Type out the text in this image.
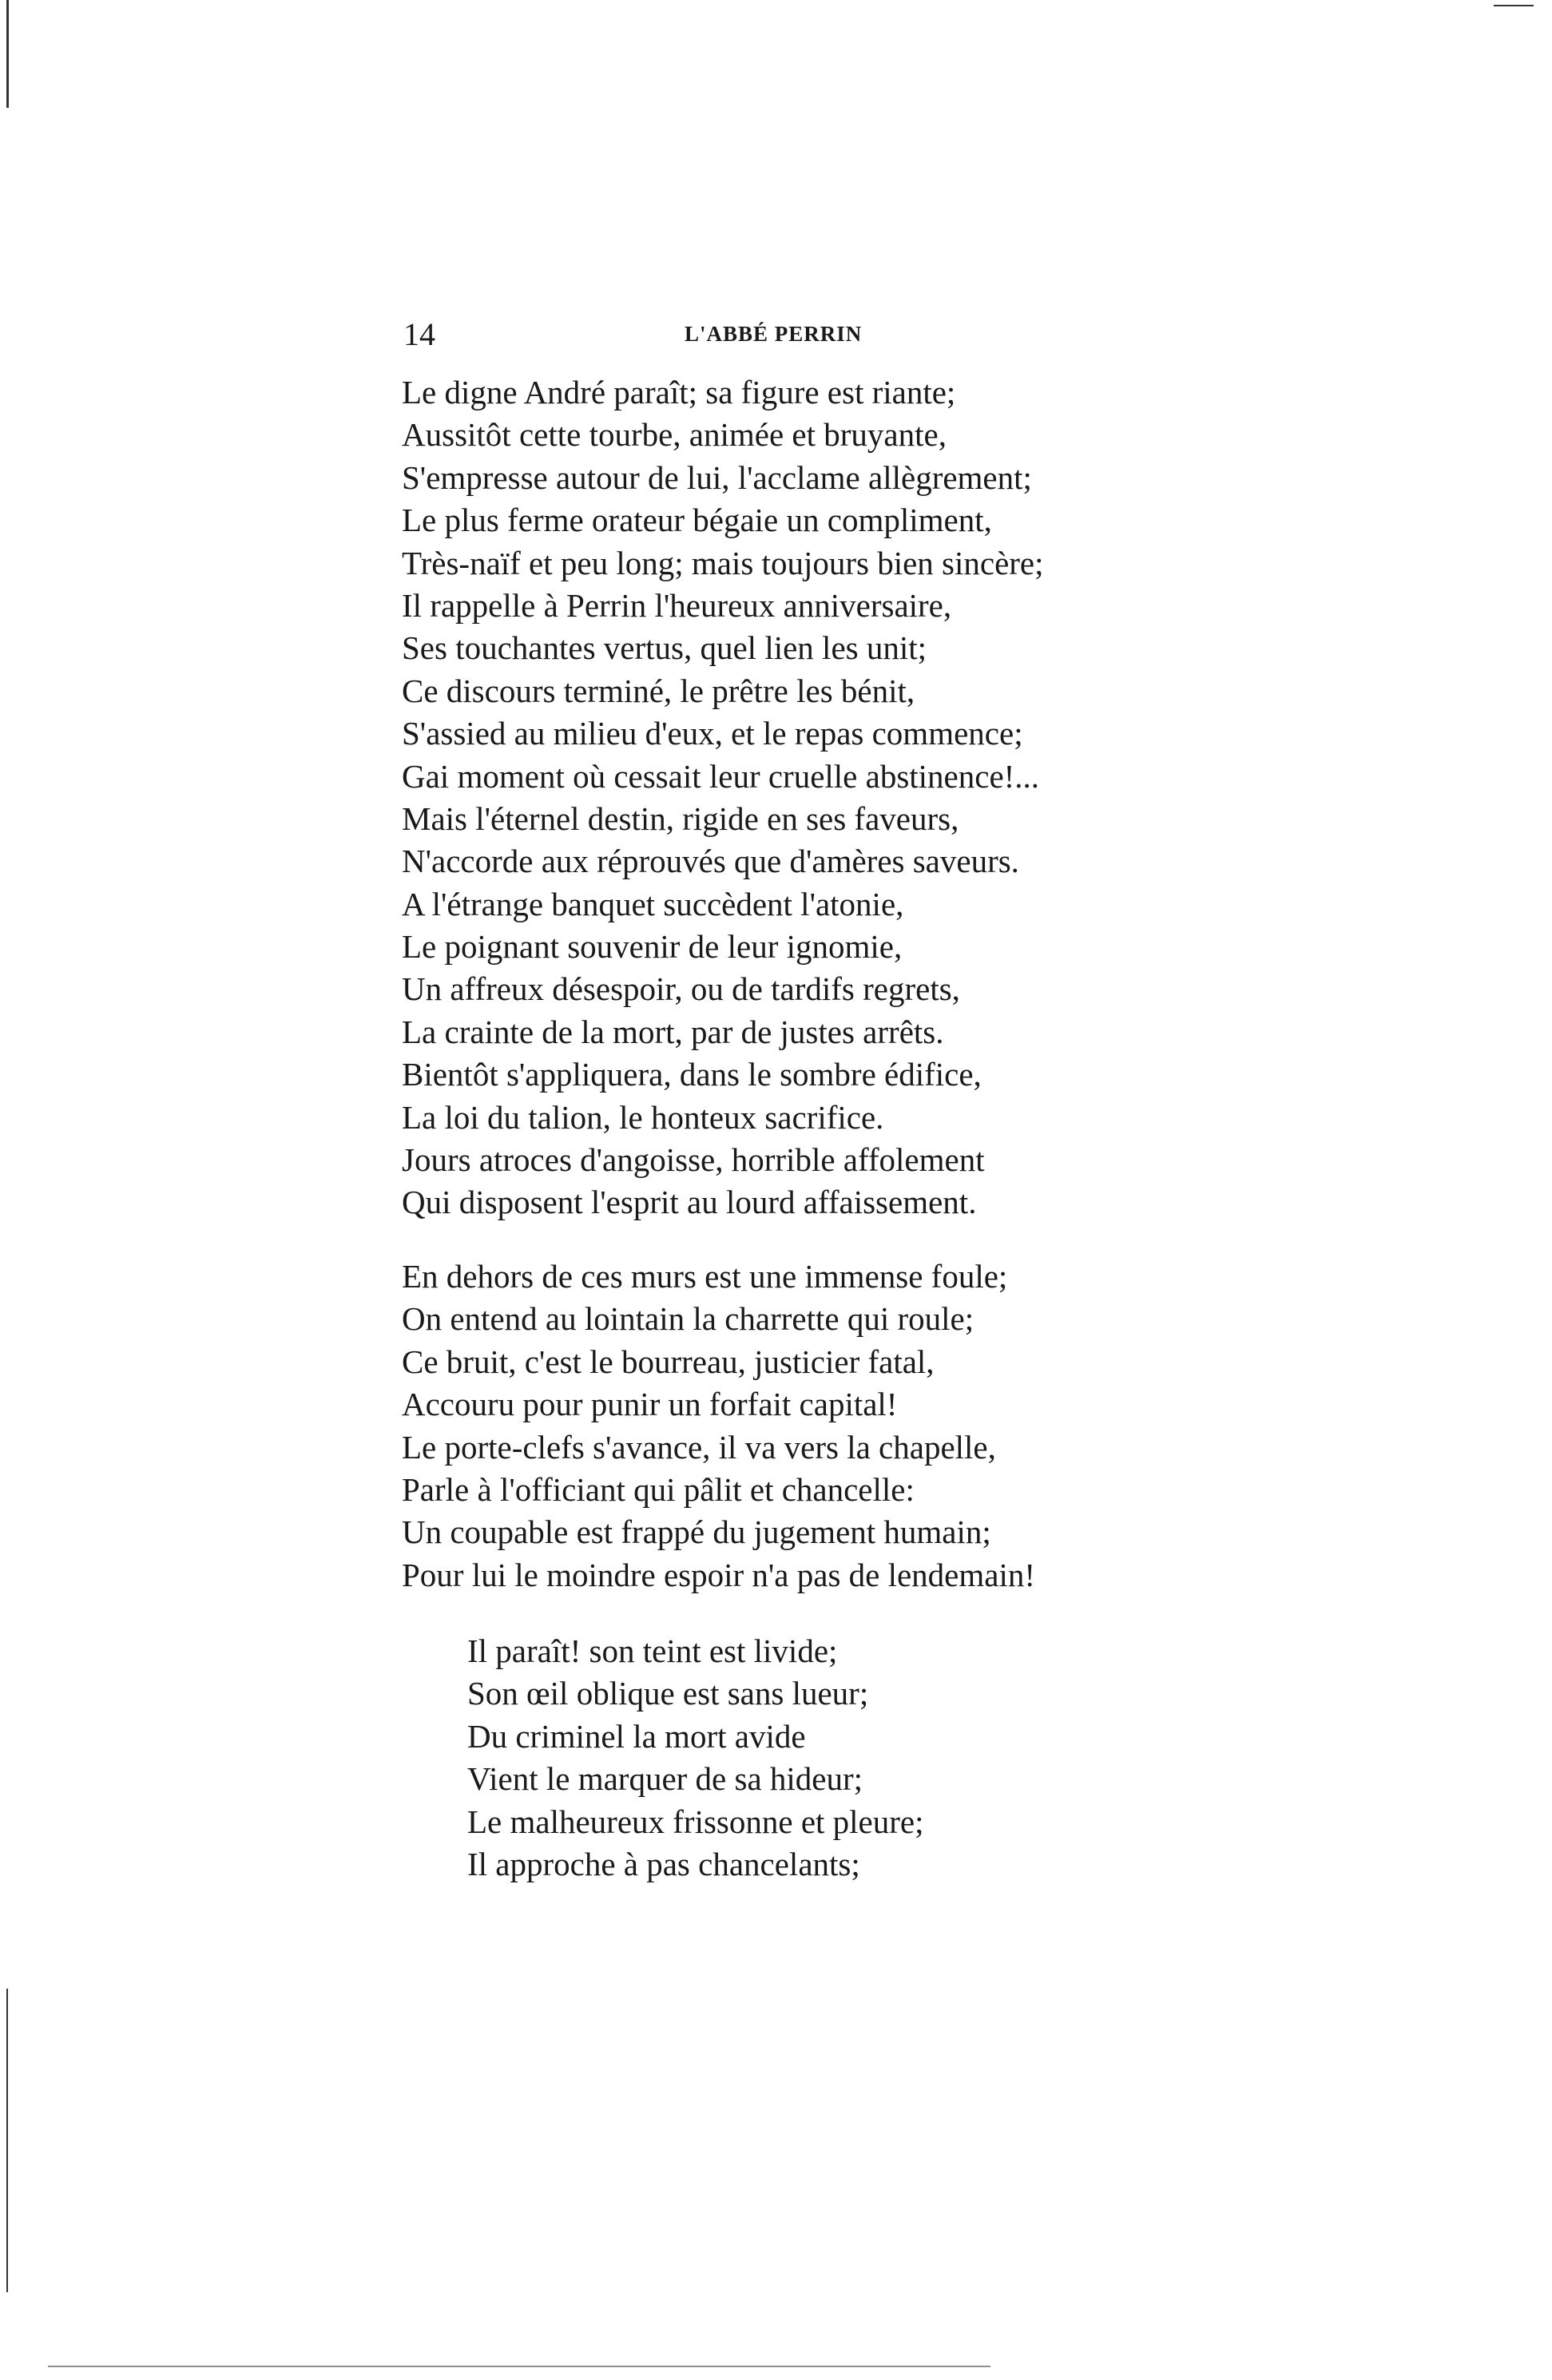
14	L'ABBÉ PERRIN
Le digne André paraît; sa figure est riante;
Aussitôt cette tourbe, animée et bruyante,
S'empresse autour de lui, l'acclame allègrement;
Le plus ferme orateur bégaie un compliment,
Très-naïf et peu long; mais toujours bien sincère;
Il rappelle à Perrin l'heureux anniversaire,
Ses touchantes vertus, quel lien les unit;
Ce discours terminé, le prêtre les bénit,
S'assied au milieu d'eux, et le repas commence;
Gai moment où cessait leur cruelle abstinence!...
Mais l'éternel destin, rigide en ses faveurs,
N'accorde aux réprouvés que d'amères saveurs.
A l'étrange banquet succèdent l'atonie,
Le poignant souvenir de leur ignomie,
Un affreux désespoir, ou de tardifs regrets,
La crainte de la mort, par de justes arrêts.
Bientôt s'appliquera, dans le sombre édifice,
La loi du talion, le honteux sacrifice.
Jours atroces d'angoisse, horrible affolement
Qui disposent l'esprit au lourd affaissement.
En dehors de ces murs est une immense foule;
On entend au lointain la charrette qui roule;
Ce bruit, c'est le bourreau, justicier fatal,
Accouru pour punir un forfait capital!
Le porte-clefs s'avance, il va vers la chapelle,
Parle à l'officiant qui pâlit et chancelle:
Un coupable est frappé du jugement humain;
Pour lui le moindre espoir n'a pas de lendemain!
Il paraît! son teint est livide;
Son œil oblique est sans lueur;
Du criminel la mort avide
Vient le marquer de sa hideur;
Le malheureux frissonne et pleure;
Il approche à pas chancelants;
